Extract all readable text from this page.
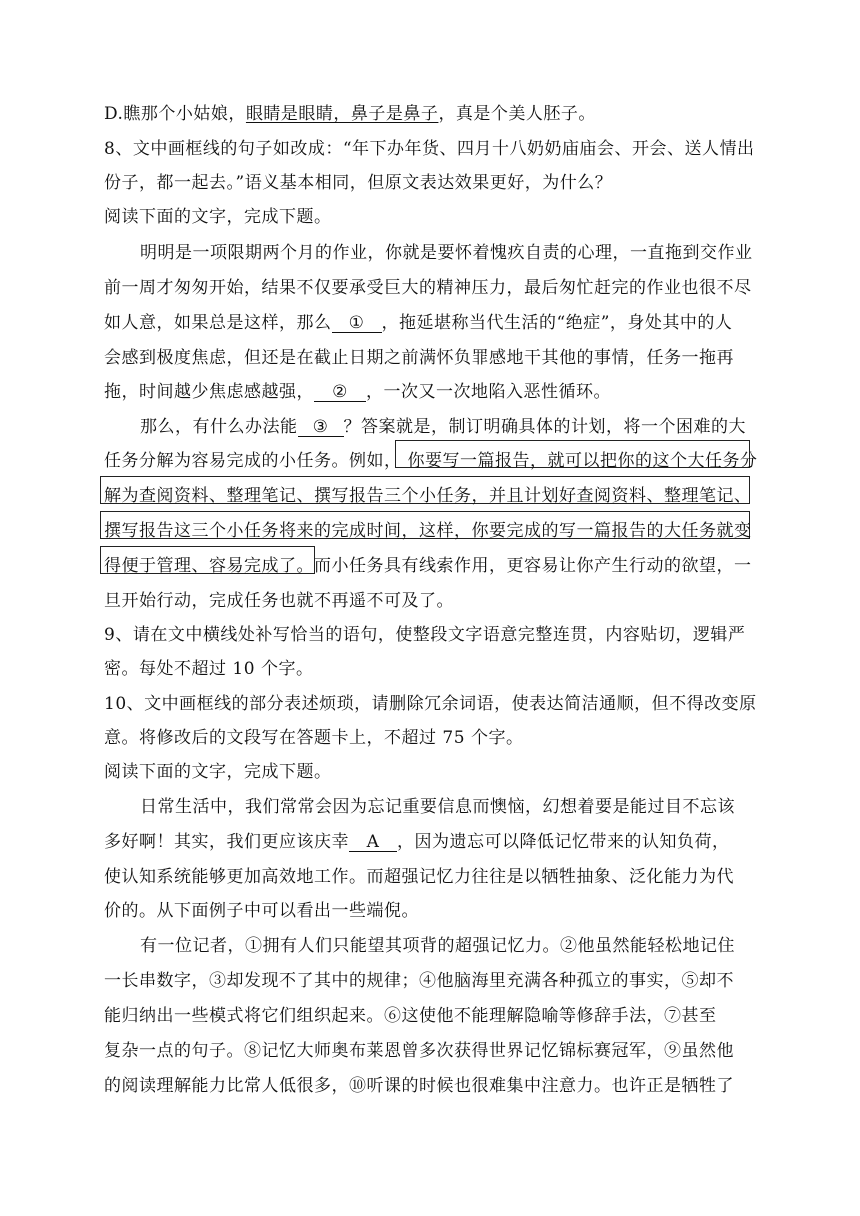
D.瞧那个小姑娘，眼睛是眼睛，鼻子是鼻子，真是个美人胚子。
8、文中画框线的句子如改成：“年下办年货、四月十八奶奶庙庙会、开会、送人情出
份子，都一起去。”语义基本相同，但原文表达效果更好，为什么？
阅读下面的文字，完成下题。
明明是一项限期两个月的作业，你就是要怀着愧疚自责的心理，一直拖到交作业
前一周才匆匆开始，结果不仅要承受巨大的精神压力，最后匆忙赶完的作业也很不尽
如人意，如果总是这样，那么 ① ，拖延堪称当代生活的“绝症”，身处其中的人
会感到极度焦虑，但还是在截止日期之前满怀负罪感地干其他的事情，任务一拖再
拖，时间越少焦虑感越强， ② ，一次又一次地陷入恶性循环。
那么，有什么办法能 ③ ？答案就是，制订明确具体的计划，将一个困难的大
任务分解为容易完成的小任务。例如， 你要写一篇报告，就可以把你的这个大任务分
解为查阅资料、整理笔记、撰写报告三个小任务，并且计划好查阅资料、整理笔记、
撰写报告这三个小任务将来的完成时间，这样，你要完成的写一篇报告的大任务就变
得便于管理、容易完成了。而小任务具有线索作用，更容易让你产生行动的欲望，一
旦开始行动，完成任务也就不再遥不可及了。
9、请在文中横线处补写恰当的语句，使整段文字语意完整连贯，内容贴切，逻辑严
密。每处不超过 10 个字。
10、文中画框线的部分表述烦琐，请删除冗余词语，使表达简洁通顺，但不得改变原
意。将修改后的文段写在答题卡上，不超过 75 个字。
阅读下面的文字，完成下题。
日常生活中，我们常常会因为忘记重要信息而懊恼，幻想着要是能过目不忘该
多好啊！其实，我们更应该庆幸 A ，因为遗忘可以降低记忆带来的认知负荷，
使认知系统能够更加高效地工作。而超强记忆力往往是以牺牲抽象、泛化能力为代
价的。从下面例子中可以看出一些端倪。
有一位记者，①拥有人们只能望其项背的超强记忆力。②他虽然能轻松地记住
一长串数字，③却发现不了其中的规律；④他脑海里充满各种孤立的事实，⑤却不
能归纳出一些模式将它们组织起来。⑥这使他不能理解隐喻等修辞手法，⑦甚至
复杂一点的句子。⑧记忆大师奥布莱恩曾多次获得世界记忆锦标赛冠军，⑨虽然他
的阅读理解能力比常人低很多，⑩听课的时候也很难集中注意力。也许正是牺牲了
